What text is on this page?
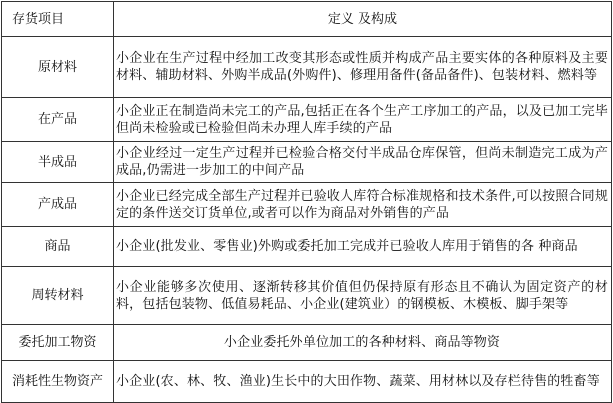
存货项目	定义 及构成
原材料	小企业在生产过程中经加工改变其形态或性质并构成产品主要实体的各种原料及主要材料、辅助材料、外购半成品(外购件)、修理用备件(备品备件)、包装材料、燃料等
在产品	小企业正在制造尚未完工的产品,包括正在各个生产工序加工的产品，以及已加工完毕但尚未检验或已检验但尚未办理人库手续的产品
半成品	小企业经过一定生产过程并已检验合格交付半成品仓库保管，但尚未制造完工成为产成品,仍需进一步加工的中间产品
产成品	小企业已经完成全部生产过程并已验收人库符合标准规格和技术条件,可以按照合同规定的条件送交订货单位,或者可以作为商品对外销售的产品
商品	小企业(批发业、零售业)外购或委托加工完成并已验收人库用于销售的各 种商品
周转材料	小企业能够多次使用、逐渐转移其价值但仍保持原有形态且不确认为固定资产的材料，包括包装物、低值易耗品、小企业(建筑业）的钢模板、木模板、脚手架等
委托加工物资	小企业委托外单位加工的各种材料、商品等物资
消耗性生物资产	小企业(农、林、牧、渔业)生长中的大田作物、蔬菜、用材林以及存栏待售的牲畜等
